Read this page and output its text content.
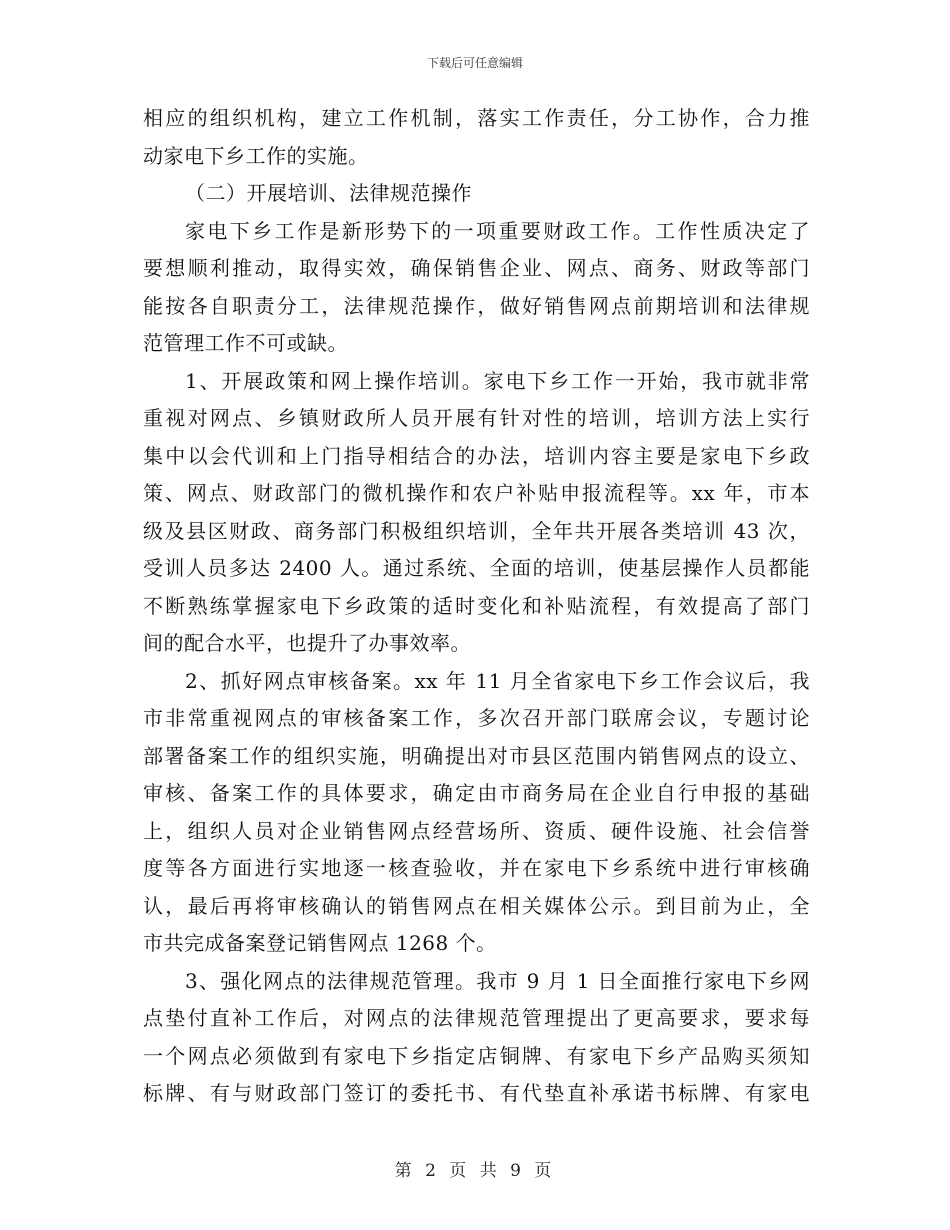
下载后可任意编辑
相应的组织机构，建立工作机制，落实工作责任，分工协作，合力推
动家电下乡工作的实施。
（二）开展培训、法律规范操作
家电下乡工作是新形势下的一项重要财政工作。工作性质决定了
要想顺利推动，取得实效，确保销售企业、网点、商务、财政等部门
能按各自职责分工，法律规范操作，做好销售网点前期培训和法律规
范管理工作不可或缺。
1、开展政策和网上操作培训。家电下乡工作一开始，我市就非常
重视对网点、乡镇财政所人员开展有针对性的培训，培训方法上实行
集中以会代训和上门指导相结合的办法，培训内容主要是家电下乡政
策、网点、财政部门的微机操作和农户补贴申报流程等。xx 年，市本
级及县区财政、商务部门积极组织培训，全年共开展各类培训 43 次，
受训人员多达 2400 人。通过系统、全面的培训，使基层操作人员都能
不断熟练掌握家电下乡政策的适时变化和补贴流程，有效提高了部门
间的配合水平，也提升了办事效率。
2、抓好网点审核备案。xx 年 11 月全省家电下乡工作会议后，我
市非常重视网点的审核备案工作，多次召开部门联席会议，专题讨论
部署备案工作的组织实施，明确提出对市县区范围内销售网点的设立、
审核、备案工作的具体要求，确定由市商务局在企业自行申报的基础
上，组织人员对企业销售网点经营场所、资质、硬件设施、社会信誉
度等各方面进行实地逐一核查验收，并在家电下乡系统中进行审核确
认，最后再将审核确认的销售网点在相关媒体公示。到目前为止，全
市共完成备案登记销售网点 1268 个。
3、强化网点的法律规范管理。我市 9 月 1 日全面推行家电下乡网
点垫付直补工作后，对网点的法律规范管理提出了更高要求，要求每
一个网点必须做到有家电下乡指定店铜牌、有家电下乡产品购买须知
标牌、有与财政部门签订的委托书、有代垫直补承诺书标牌、有家电
第 2 页 共 9 页
